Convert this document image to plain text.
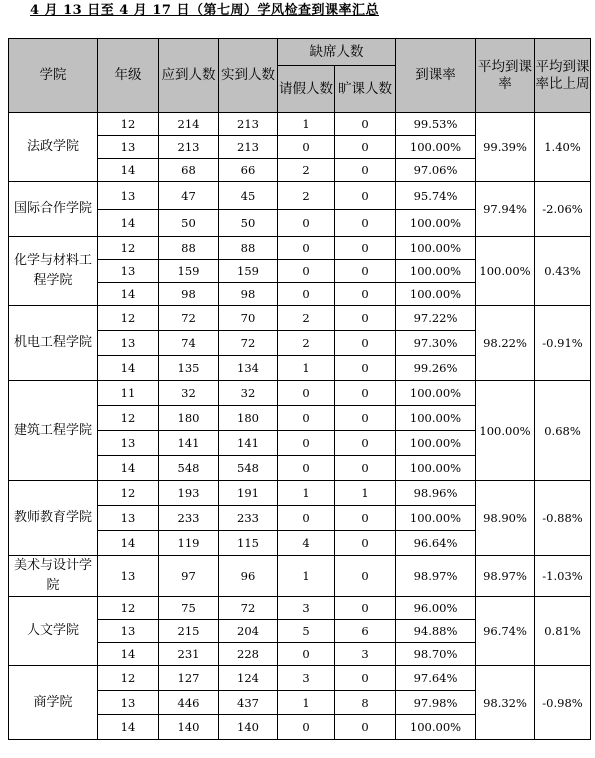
4 月 13 日至 4 月 17 日（第七周）学风检查到课率汇总
学院	年级	应到人数	实到人数	缺席人数		到课率	平均到课率	平均到课率比上周
				请假人数	旷课人数			
法政学院	12	214	213	1	0	99.53%	99.39%	1.40%
	13	213	213	0	0	100.00%		
	14	68	66	2	0	97.06%		
国际合作学院	13	47	45	2	0	95.74%	97.94%	-2.06%
	14	50	50	0	0	100.00%		
化学与材料工程学院	12	88	88	0	0	100.00%	100.00%	0.43%
	13	159	159	0	0	100.00%		
	14	98	98	0	0	100.00%		
机电工程学院	12	72	70	2	0	97.22%	98.22%	-0.91%
	13	74	72	2	0	97.30%		
	14	135	134	1	0	99.26%		
建筑工程学院	11	32	32	0	0	100.00%	100.00%	0.68%
	12	180	180	0	0	100.00%		
	13	141	141	0	0	100.00%		
	14	548	548	0	0	100.00%		
教师教育学院	12	193	191	1	1	98.96%	98.90%	-0.88%
	13	233	233	0	0	100.00%		
	14	119	115	4	0	96.64%		
美术与设计学院	13	97	96	1	0	98.97%	98.97%	-1.03%
人文学院	12	75	72	3	0	96.00%	96.74%	0.81%
	13	215	204	5	6	94.88%		
	14	231	228	0	3	98.70%		
商学院	12	127	124	3	0	97.64%	98.32%	-0.98%
	13	446	437	1	8	97.98%		
	14	140	140	0	0	100.00%		
